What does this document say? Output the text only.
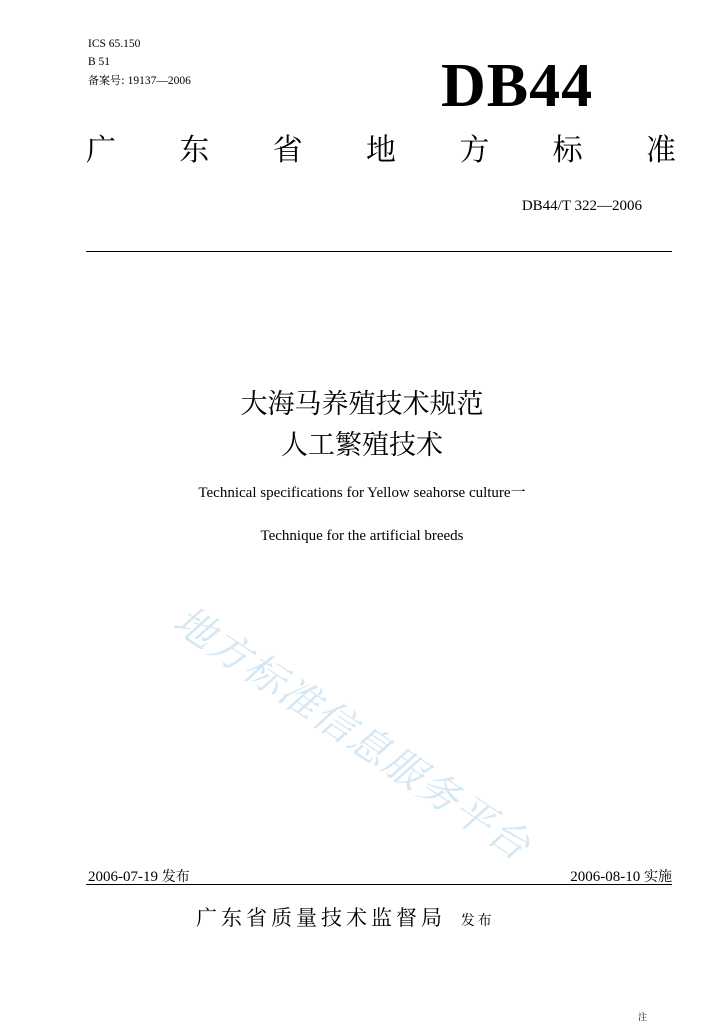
ICS 65.150
B 51
备案号: 19137—2006	DB44
广 东 省 地 方 标 准
DB44/T 322—2006
大海马养殖技术规范
人工繁殖技术
Technical specifications for Yellow seahorse culture一
Technique for the artificial breeds
地方标准信息服务平台
2006-07-19 发布	2006-08-10 实施
广东省质量技术监督局 发布
注
